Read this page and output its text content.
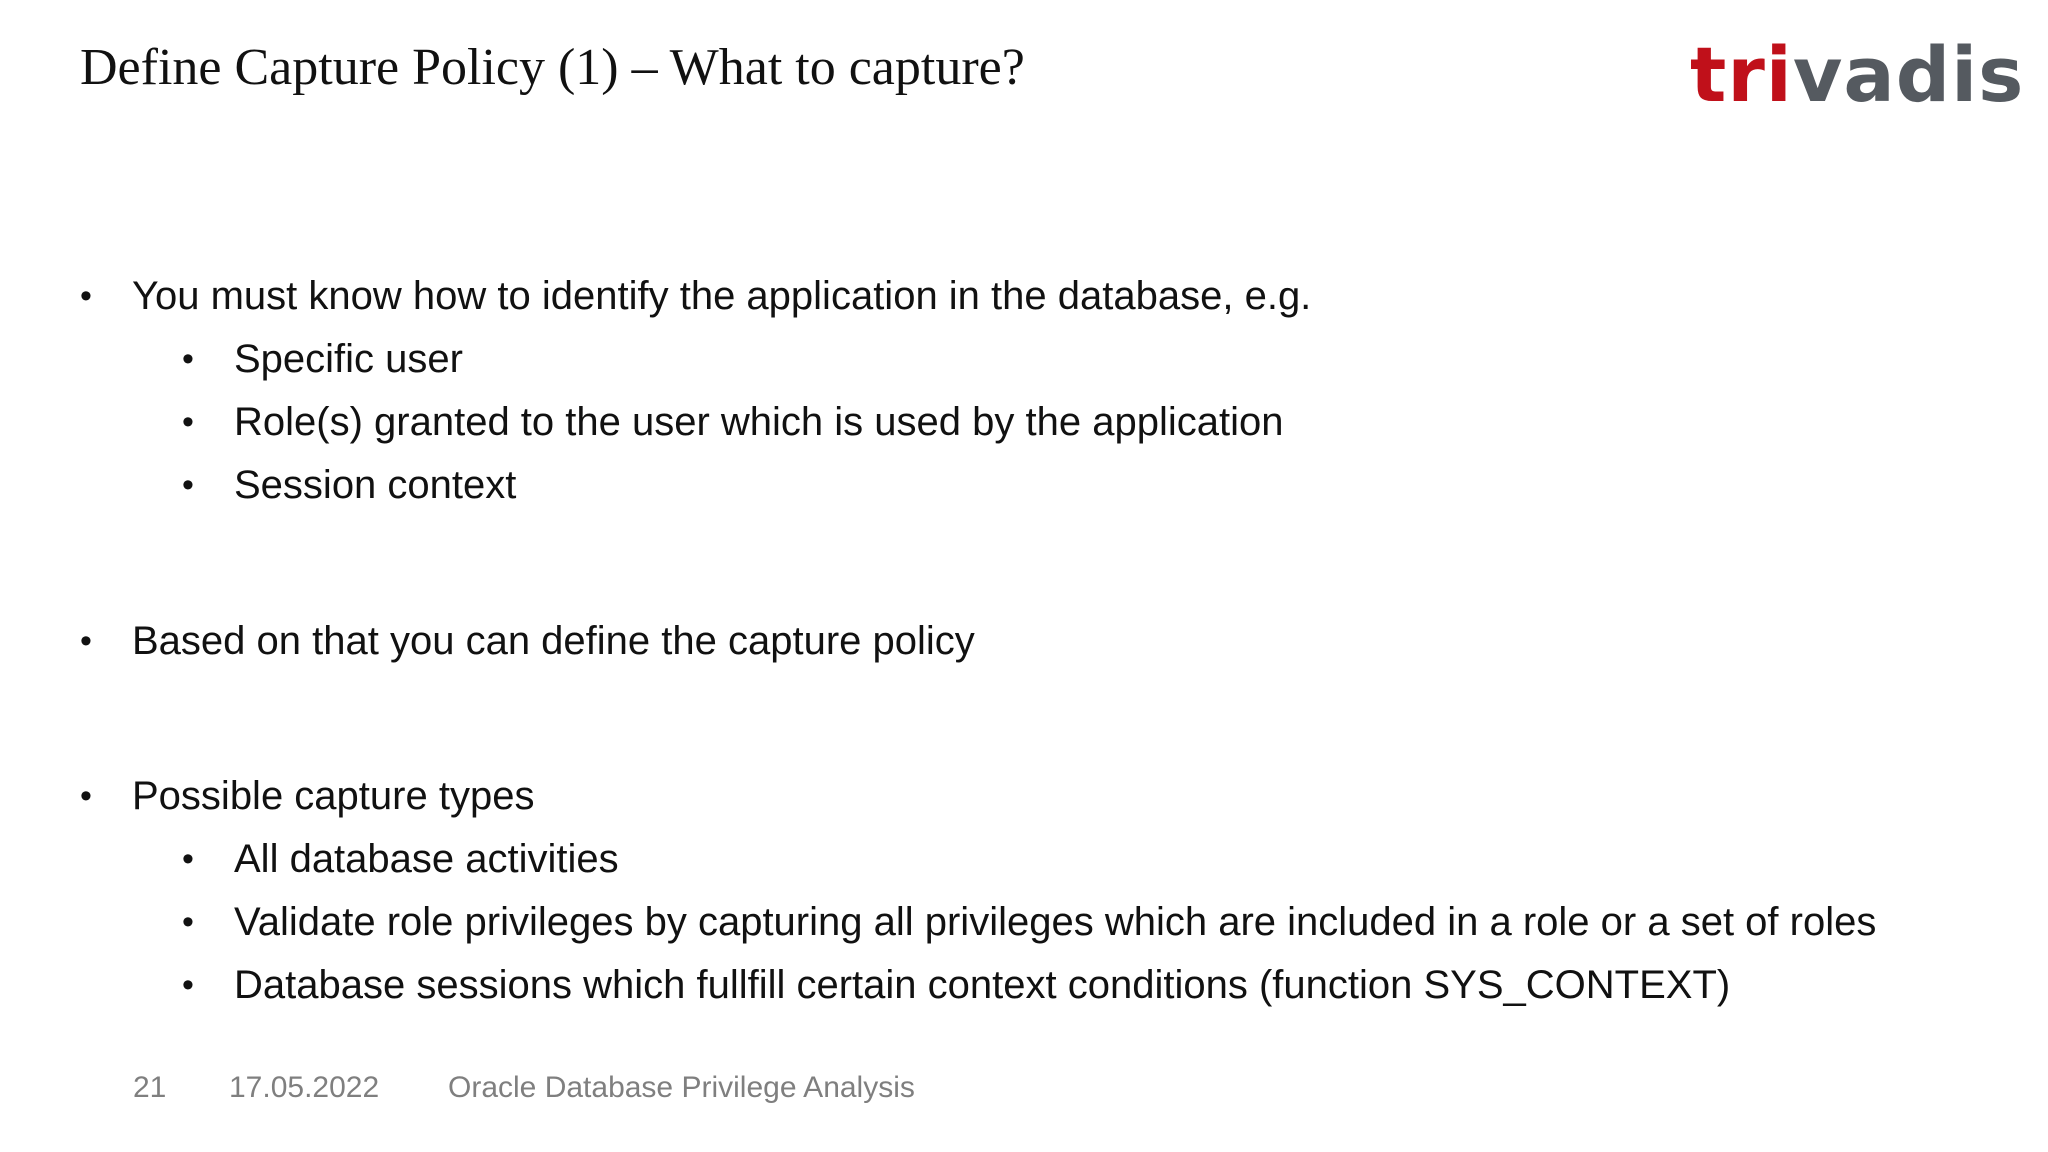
Define Capture Policy (1) – What to capture?	trivadis
• You must know how to identify the application in the database, e.g.
• Specific user
• Role(s) granted to the user which is used by the application
• Session context
• Based on that you can define the capture policy
• Possible capture types
• All database activities
• Validate role privileges by capturing all privileges which are included in a role or a set of roles
• Database sessions which fullfill certain context conditions (function SYS_CONTEXT)
21 17.05.2022 Oracle Database Privilege Analysis
